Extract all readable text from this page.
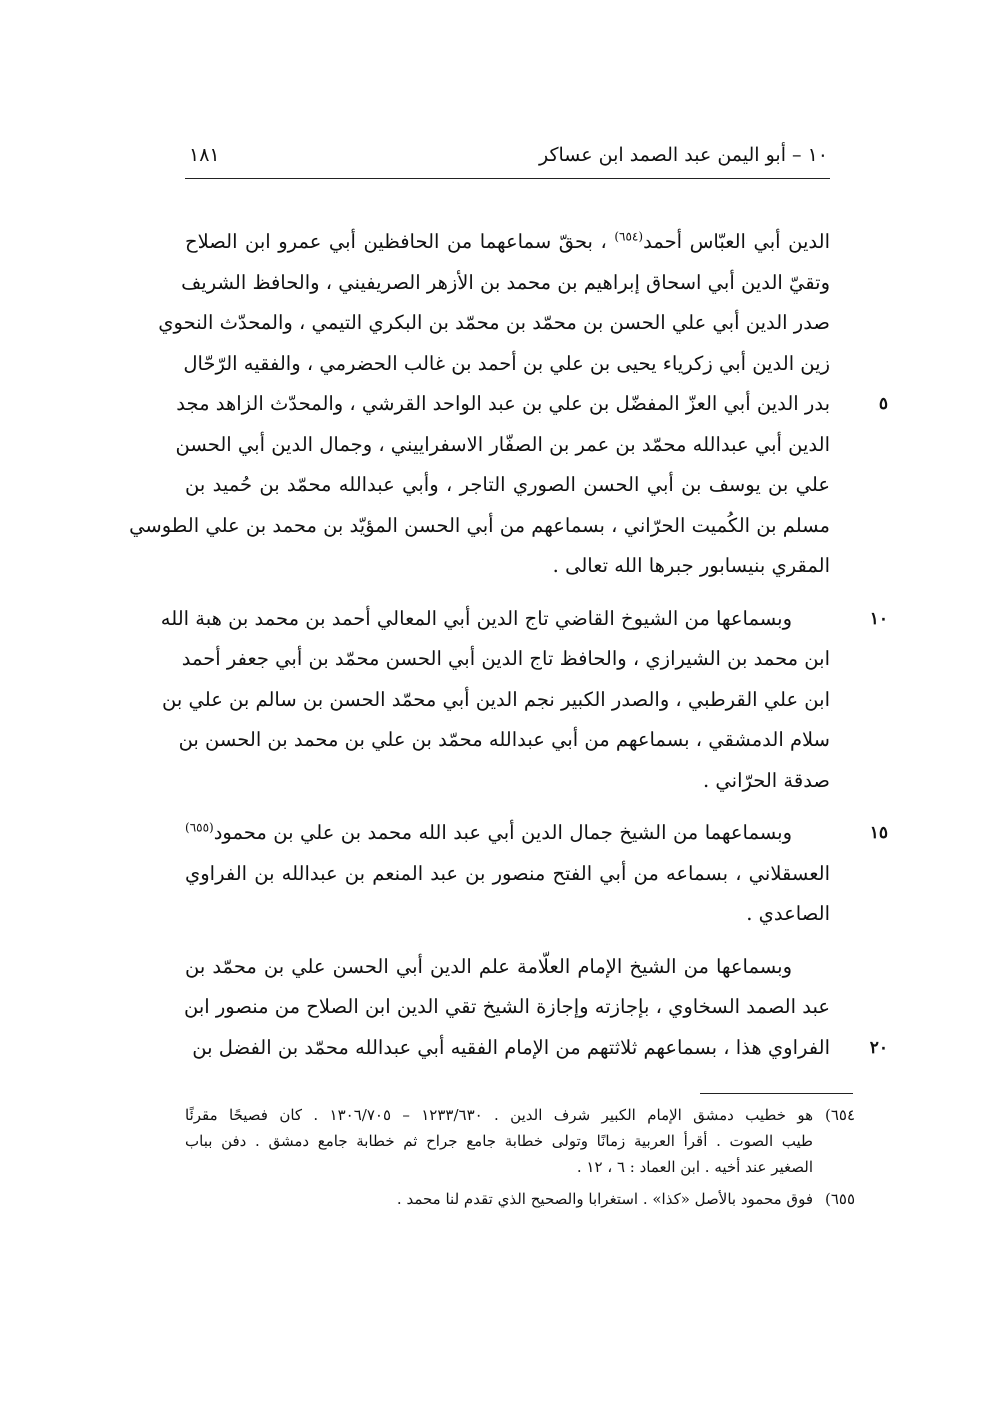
١٠ – أبو اليمن عبد الصمد ابن عساكر
١٨١
الدين أبي العبّاس أحمد$^{(٦٥٤)}$ ، بحقّ سماعهما من الحافظين أبي عمرو ابن الصلاح
وتقيّ الدين أبي اسحاق إبراهيم بن محمد بن الأزهر الصريفيني ، والحافظ الشريف
صدر الدين أبي علي الحسن بن محمّد بن محمّد بن البكري التيمي ، والمحدّث النحوي
زين الدين أبي زكرياء يحيى بن علي بن أحمد بن غالب الحضرمي ، والفقيه الرّحّال
بدر الدين أبي العزّ المفضّل بن علي بن عبد الواحد القرشي ، والمحدّث الزاهد مجد	٥
الدين أبي عبدالله محمّد بن عمر بن الصفّار الاسفراييني ، وجمال الدين أبي الحسن
علي بن يوسف بن أبي الحسن الصوري التاجر ، وأبي عبدالله محمّد بن حُميد بن
مسلم بن الكُميت الحرّاني ، بسماعهم من أبي الحسن المؤيّد بن محمد بن علي الطوسي
المقري بنيسابور جبرها الله تعالى .
وبسماعها من الشيوخ القاضي تاج الدين أبي المعالي أحمد بن محمد بن هبة الله	١٠
ابن محمد بن الشيرازي ، والحافظ تاج الدين أبي الحسن محمّد بن أبي جعفر أحمد
ابن علي القرطبي ، والصدر الكبير نجم الدين أبي محمّد الحسن بن سالم بن علي بن
سلام الدمشقي ، بسماعهم من أبي عبدالله محمّد بن علي بن محمد بن الحسن بن
صدقة الحرّاني .
وبسماعهما من الشيخ جمال الدين أبي عبد الله محمد بن علي بن محمود$^{(٦٥٥)}$	١٥
العسقلاني ، بسماعه من أبي الفتح منصور بن عبد المنعم بن عبدالله بن الفراوي
الصاعدي .
وبسماعها من الشيخ الإمام العلّامة علم الدين أبي الحسن علي بن محمّد بن
عبد الصمد السخاوي ، بإجازته وإجازة الشيخ تقي الدين ابن الصلاح من منصور ابن
الفراوي هذا ، بسماعهم ثلاثتهم من الإمام الفقيه أبي عبدالله محمّد بن الفضل بن	٢٠
٦٥٤)
هو خطيب دمشق الإمام الكبير شرف الدين . ١٢٣٣/٦٣٠ – ١٣٠٦/٧٠٥ . كان فصيحًا مقرئًا
طيب الصوت . أقرأ العربية زمانًا وتولى خطابة جامع جراح ثم خطابة جامع دمشق . دفن بباب
الصغير عند أخيه . ابن العماد : ٦ ، ١٢ .
٦٥٥)
فوق محمود بالأصل «كذا» . استغرابا والصحيح الذي تقدم لنا محمد .
